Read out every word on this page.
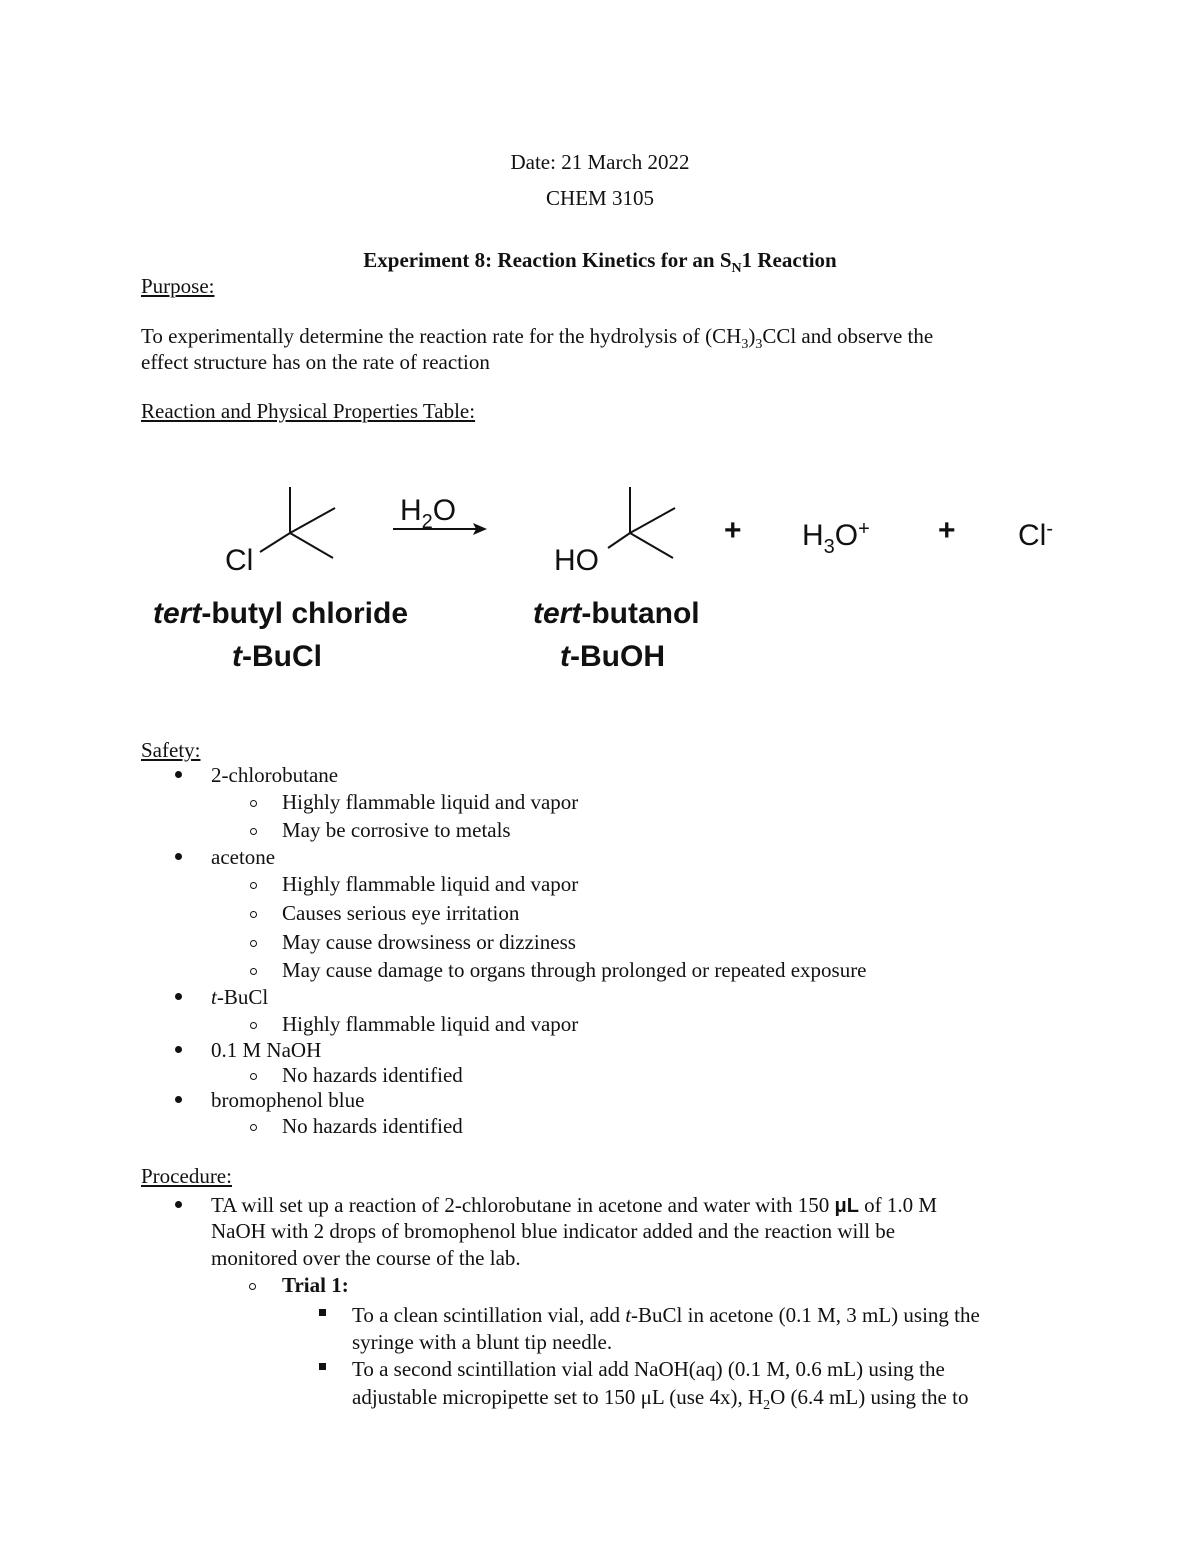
Date: 21 March 2022
CHEM 3105
Experiment 8: Reaction Kinetics for an $S_N1$ Reaction
Purpose:
To experimentally determine the reaction rate for the hydrolysis of $(CH_3)_3CCl$ and observe the
effect structure has on the rate of reaction
Reaction and Physical Properties Table:
Cl
tert-butyl chloride
t-BuCl
$H_2O$
HO
tert-butanol
t-BuOH
+ $H_3O^+ + Cl^-$
Safety:
2-chlorobutane
Highly flammable liquid and vapor
May be corrosive to metals
acetone
Highly flammable liquid and vapor
Causes serious eye irritation
May cause drowsiness or dizziness
May cause damage to organs through prolonged or repeated exposure
t-BuCl
Highly flammable liquid and vapor
0.1 M NaOH
No hazards identified
bromophenol blue
No hazards identified
Procedure:
TA will set up a reaction of 2-chlorobutane in acetone and water with 150 μL of 1.0 M
NaOH with 2 drops of bromophenol blue indicator added and the reaction will be
monitored over the course of the lab.
Trial 1:
To a clean scintillation vial, add t-BuCl in acetone (0.1 M, 3 mL) using the
syringe with a blunt tip needle.
To a second scintillation vial add NaOH(aq) (0.1 M, 0.6 mL) using the
adjustable micropipette set to 150 μL (use 4x), $H_2O$ (6.4 mL) using the to
